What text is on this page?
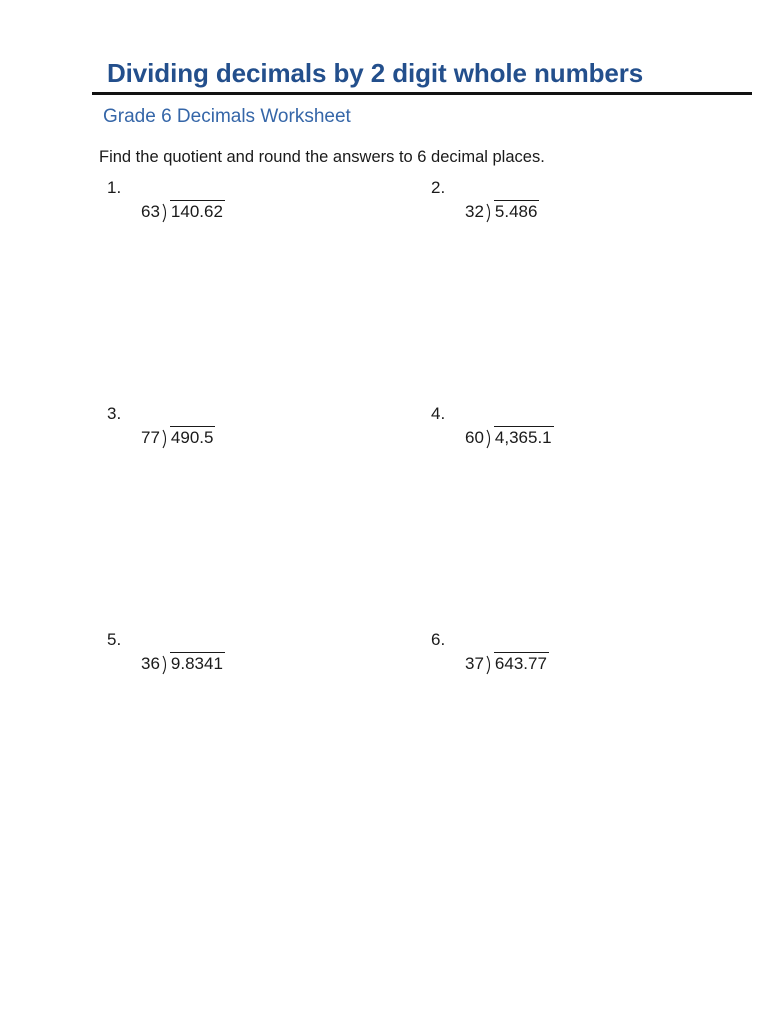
Dividing decimals by 2 digit whole numbers
Grade 6 Decimals Worksheet
Find the quotient and round the answers to 6 decimal places.
1.
63 140.62
2.
32 5.486
3.
77 490.5
4.
60 4,365.1
5.
36 9.8341
6.
37 643.77
